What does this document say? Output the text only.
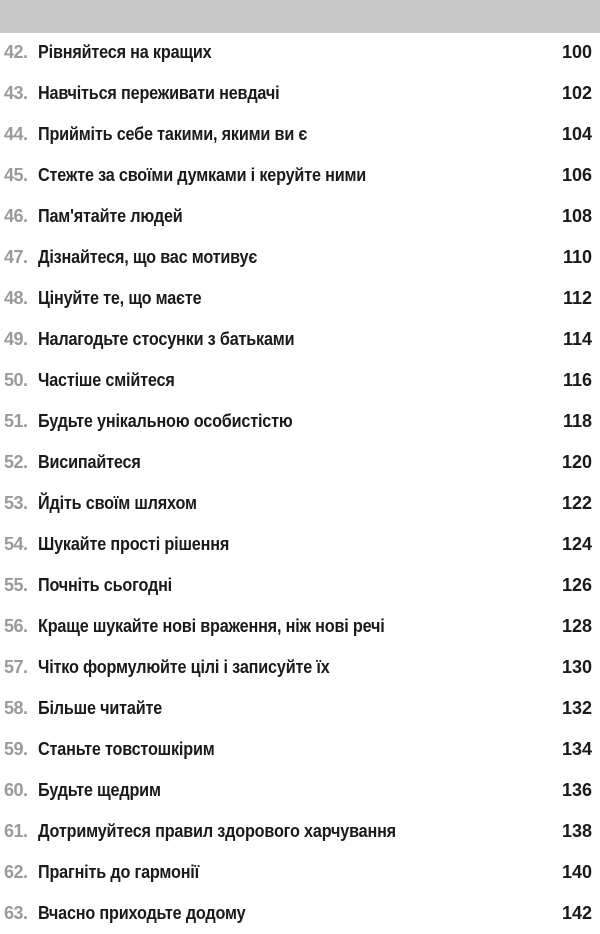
42. Рівняйтеся на кращих	100
43. Навчіться переживати невдачі	102
44. Прийміть себе такими, якими ви є	104
45. Стежте за своїми думками і керуйте ними	106
46. Пам'ятайте людей	108
47. Дізнайтеся, що вас мотивує	110
48. Цінуйте те, що маєте	112
49. Налагодьте стосунки з батьками	114
50. Частіше смійтеся	116
51. Будьте унікальною особистістю	118
52. Висипайтеся	120
53. Йдіть своїм шляхом	122
54. Шукайте прості рішення	124
55. Почніть сьогодні	126
56. Краще шукайте нові враження, ніж нові речі	128
57. Чітко формулюйте цілі і записуйте їх	130
58. Більше читайте	132
59. Станьте товстошкірим	134
60. Будьте щедрим	136
61. Дотримуйтеся правил здорового харчування	138
62. Прагніть до гармонії	140
63. Вчасно приходьте додому	142
